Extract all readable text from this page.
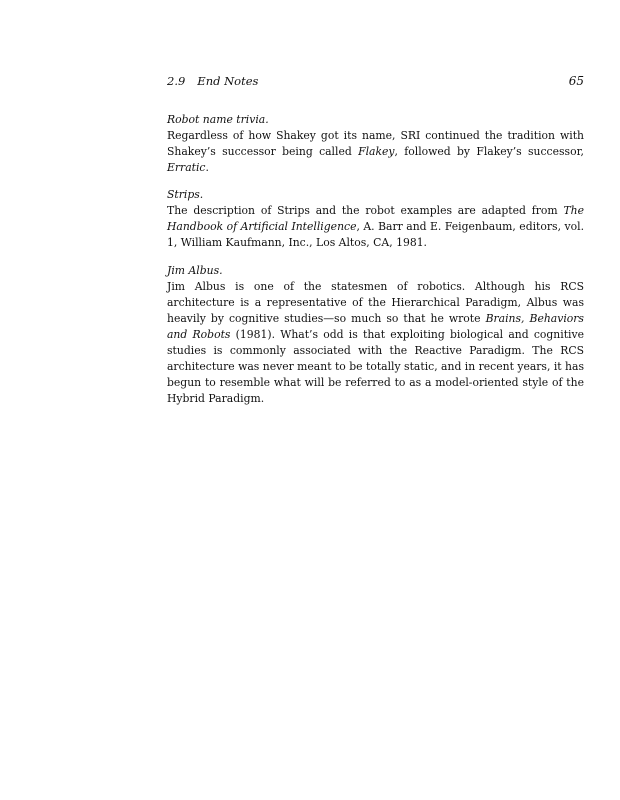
2.9 End Notes	65

Robot name trivia.

Regardless of how Shakey got its name, SRI continued the tradition with Shakey’s successor being called Flakey, followed by Flakey’s successor, Erratic.

Strips.

The description of Strips and the robot examples are adapted from The Handbook of Artificial Intelligence, A. Barr and E. Feigenbaum, editors, vol. 1, William Kaufmann, Inc., Los Altos, CA, 1981.

Jim Albus.

Jim Albus is one of the statesmen of robotics. Although his RCS architecture is a representative of the Hierarchical Paradigm, Albus was heavily by cognitive studies—so much so that he wrote Brains, Behaviors and Robots (1981). What’s odd is that exploiting biological and cognitive studies is commonly associated with the Reactive Paradigm. The RCS architecture was never meant to be totally static, and in recent years, it has begun to resemble what will be referred to as a model-oriented style of the Hybrid Paradigm.
